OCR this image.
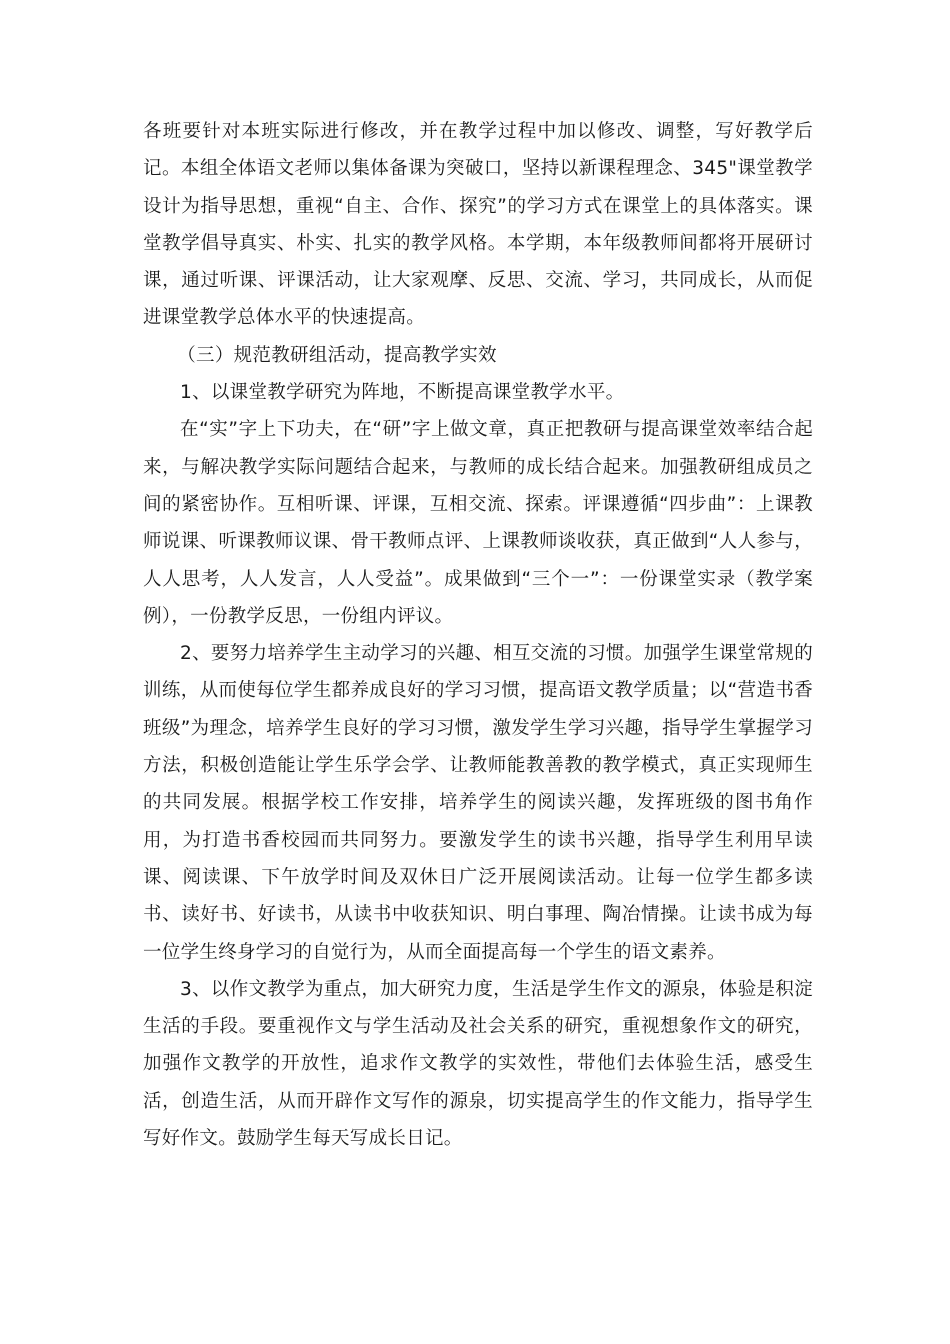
各班要针对本班实际进行修改，并在教学过程中加以修改、调整，写好教学后记。本组全体语文老师以集体备课为突破口，坚持以新课程理念、345"课堂教学设计为指导思想，重视“自主、合作、探究”的学习方式在课堂上的具体落实。课堂教学倡导真实、朴实、扎实的教学风格。本学期，本年级教师间都将开展研讨课，通过听课、评课活动，让大家观摩、反思、交流、学习，共同成长，从而促进课堂教学总体水平的快速提高。

（三）规范教研组活动，提高教学实效

1、以课堂教学研究为阵地，不断提高课堂教学水平。

在“实”字上下功夫，在“研”字上做文章，真正把教研与提高课堂效率结合起来，与解决教学实际问题结合起来，与教师的成长结合起来。加强教研组成员之间的紧密协作。互相听课、评课，互相交流、探索。评课遵循“四步曲”：上课教师说课、听课教师议课、骨干教师点评、上课教师谈收获，真正做到“人人参与，人人思考，人人发言，人人受益”。成果做到“三个一”：一份课堂实录（教学案例），一份教学反思，一份组内评议。

2、要努力培养学生主动学习的兴趣、相互交流的习惯。加强学生课堂常规的训练，从而使每位学生都养成良好的学习习惯，提高语文教学质量；以“营造书香班级”为理念，培养学生良好的学习习惯，激发学生学习兴趣，指导学生掌握学习方法，积极创造能让学生乐学会学、让教师能教善教的教学模式，真正实现师生的共同发展。根据学校工作安排，培养学生的阅读兴趣，发挥班级的图书角作用，为打造书香校园而共同努力。要激发学生的读书兴趣，指导学生利用早读课、阅读课、下午放学时间及双休日广泛开展阅读活动。让每一位学生都多读书、读好书、好读书，从读书中收获知识、明白事理、陶冶情操。让读书成为每一位学生终身学习的自觉行为，从而全面提高每一个学生的语文素养。

3、以作文教学为重点，加大研究力度，生活是学生作文的源泉，体验是积淀生活的手段。要重视作文与学生活动及社会关系的研究，重视想象作文的研究，加强作文教学的开放性，追求作文教学的实效性，带他们去体验生活，感受生活，创造生活，从而开辟作文写作的源泉，切实提高学生的作文能力，指导学生写好作文。鼓励学生每天写成长日记。
